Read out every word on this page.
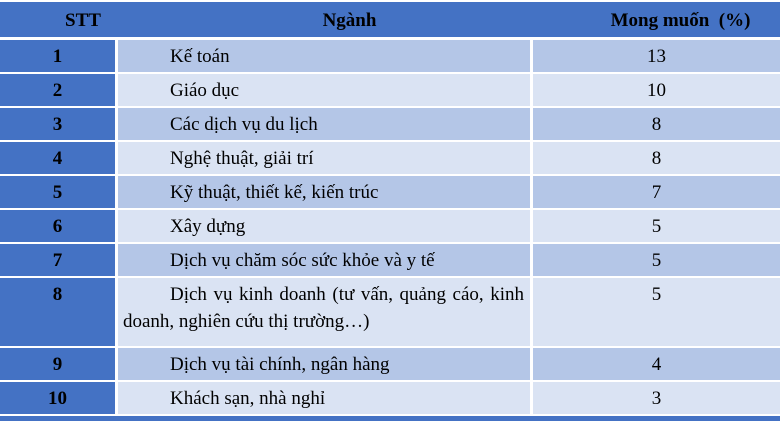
STT	Ngành	Mong muốn  (%)
1	Kế toán	13
2	Giáo dục	10
3	Các dịch vụ du lịch	8
4	Nghệ thuật, giải trí	8
5	Kỹ thuật, thiết kế, kiến trúc	7
6	Xây dựng	5
7	Dịch vụ chăm sóc sức khỏe và y tế	5
8	Dịch vụ kinh doanh (tư vấn, quảng cáo, kinh doanh, nghiên cứu thị trường…)	5
9	Dịch vụ tài chính, ngân hàng	4
10	Khách sạn, nhà nghỉ	3
